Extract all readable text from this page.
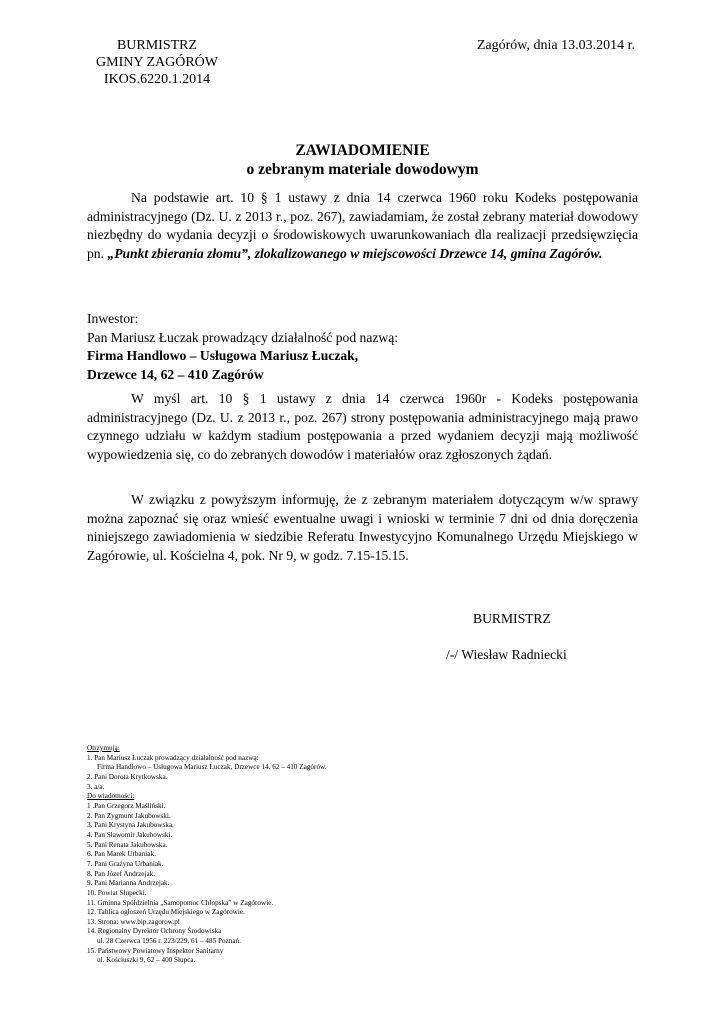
BURMISTRZ
GMINY ZAGÓRÓW
IKOS.6220.1.2014
Zagórów, dnia 13.03.2014 r.
ZAWIADOMIENIE
o zebranym materiale dowodowym

Na podstawie art. 10 § 1 ustawy z dnia 14 czerwca 1960 roku Kodeks postępowania administracyjnego (Dz. U. z 2013 r., poz. 267), zawiadamiam, że został zebrany materiał dowodowy niezbędny do wydania decyzji o środowiskowych uwarunkowaniach dla realizacji przedsięwzięcia pn. „Punkt zbierania złomu”, zlokalizowanego w miejscowości Drzewce 14, gmina Zagórów.

Inwestor:
Pan Mariusz Łuczak prowadzący działalność pod nazwą:
Firma Handlowo – Usługowa Mariusz Łuczak,
Drzewce 14, 62 – 410 Zagórów

W myśl art. 10 § 1 ustawy z dnia 14 czerwca 1960r - Kodeks postępowania administracyjnego (Dz. U. z 2013 r., poz. 267) strony postępowania administracyjnego mają prawo czynnego udziału w każdym stadium postępowania a przed wydaniem decyzji mają możliwość wypowiedzenia się, co do zebranych dowodów i materiałów oraz zgłoszonych żądań.

W związku z powyższym informuję, że z zebranym materiałem dotyczącym w/w sprawy można zapoznać się oraz wnieść ewentualne uwagi i wnioski w terminie 7 dni od dnia doręczenia niniejszego zawiadomienia w siedzibie Referatu Inwestycyjno Komunalnego Urzędu Miejskiego w Zagórowie, ul. Kościelna 4, pok. Nr 9, w godz. 7.15-15.15.

BURMISTRZ
/-/ Wiesław Radniecki
Otrzymują:
1. Pan Mariusz Łuczak prowadzący działalność pod nazwą:
Firma Handlowo – Usługowa Mariusz Łuczak, Drzewce 14, 62 – 410 Zagórów.
2. Pani Dorota Krytkowska.
3. a/a.
Do wiadomości:
1 .Pan Grzegorz Maśliński.
2. Pan Zygmunt Jakubowski.
3. Pani Krystyna Jakubowska.
4. Pan Sławomir Jakubowski.
5. Pani Renata Jakubowska.
6. Pan Marek Urbaniak.
7. Pani Grażyna Urbaniak.
8. Pan Józef Andrzejak.
9. Pani Marianna Andrzejak.
10. Powiat Słupecki.
11. Gminna Spółdzielnia „Samopomoc Chłopska” w Zagórowie.
12. Tablica ogłoszeń Urzędu Miejskiego w Zagórowie.
13. Strona: www.bip.zagorow.pl
14. Regionalny Dyrektor Ochrony Środowiska
ul. 28 Czerwca 1956 r. 223/229, 61 – 485 Poznań.
15. Państwowy Powiatowy Inspektor Sanitarny
ul. Kościuszki 9, 62 – 400 Słupca.
